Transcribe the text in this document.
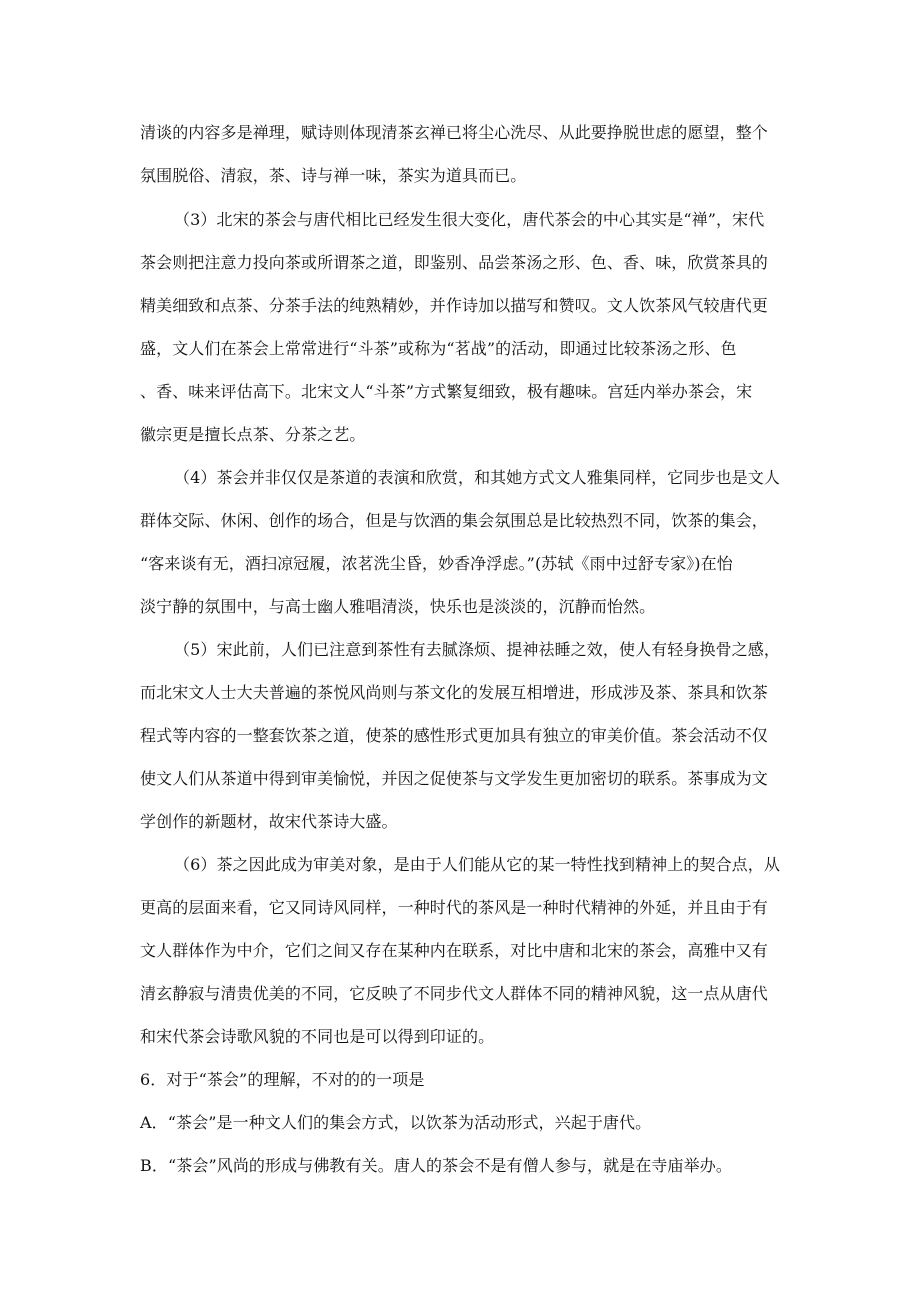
清谈的内容多是禅理，赋诗则体现清茶玄禅已将尘心洗尽、从此要挣脱世虑的愿望，整个
氛围脱俗、清寂，茶、诗与禅一味，茶实为道具而已。
（3）北宋的茶会与唐代相比已经发生很大变化，唐代茶会的中心其实是“禅”，宋代
茶会则把注意力投向茶或所谓茶之道，即鉴别、品尝茶汤之形、色、香、味，欣赏茶具的
精美细致和点茶、分茶手法的纯熟精妙，并作诗加以描写和赞叹。文人饮茶风气较唐代更
盛，文人们在茶会上常常进行“斗茶”或称为“茗战”的活动，即通过比较茶汤之形、色
、香、味来评估高下。北宋文人“斗茶”方式繁复细致，极有趣味。宫廷内举办茶会，宋
徽宗更是擅长点茶、分茶之艺。
（4）茶会并非仅仅是茶道的表演和欣赏，和其她方式文人雅集同样，它同步也是文人
群体交际、休闲、创作的场合，但是与饮酒的集会氛围总是比较热烈不同，饮茶的集会，
“客来谈有无，酒扫凉冠履，浓茗洗尘昏，妙香净浮虑。”(苏轼《雨中过舒专家》)在怡
淡宁静的氛围中，与高士幽人雅唱清淡，快乐也是淡淡的，沉静而怡然。
（5）宋此前，人们已注意到茶性有去腻涤烦、提神祛睡之效，使人有轻身换骨之感，
而北宋文人士大夫普遍的茶悦风尚则与茶文化的发展互相增进，形成涉及茶、茶具和饮茶
程式等内容的一整套饮茶之道，使茶的感性形式更加具有独立的审美价值。茶会活动不仅
使文人们从茶道中得到审美愉悦，并因之促使茶与文学发生更加密切的联系。茶事成为文
学创作的新题材，故宋代茶诗大盛。
（6）茶之因此成为审美对象，是由于人们能从它的某一特性找到精神上的契合点，从
更高的层面来看，它又同诗风同样，一种时代的茶风是一种时代精神的外延，并且由于有
文人群体作为中介，它们之间又存在某种内在联系，对比中唐和北宋的茶会，高雅中又有
清玄静寂与清贵优美的不同，它反映了不同步代文人群体不同的精神风貌，这一点从唐代
和宋代茶会诗歌风貌的不同也是可以得到印证的。
6．对于“茶会”的理解，不对的的一项是
A．“茶会”是一种文人们的集会方式，以饮茶为活动形式，兴起于唐代。
B．“茶会”风尚的形成与佛教有关。唐人的茶会不是有僧人参与，就是在寺庙举办。
